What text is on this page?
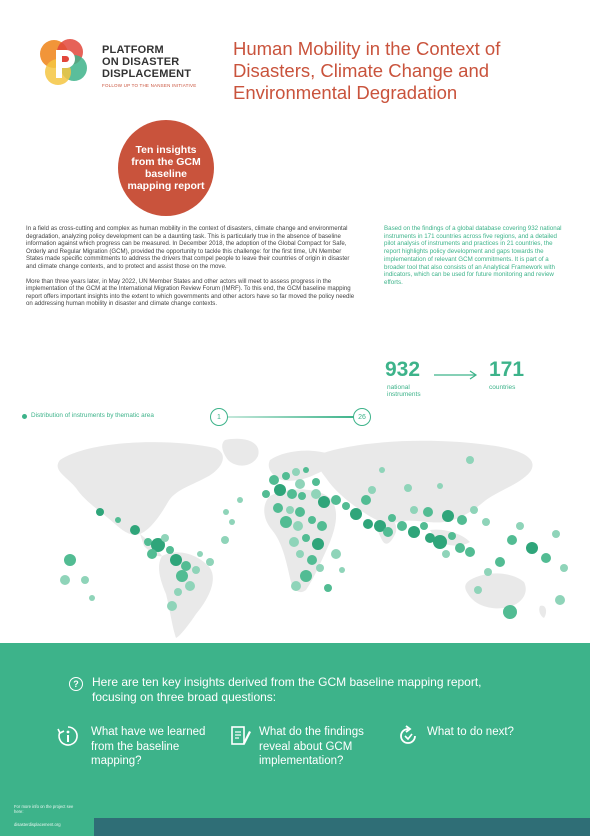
PLATFORM
ON DISASTER
DISPLACEMENT
FOLLOW UP TO THE NANSEN INITIATIVE
Human Mobility in the Context of Disasters, Climate Change and Environmental Degradation
Ten insights from the GCM baseline mapping report

In a field as cross-cutting and complex as human mobility in the context of disasters, climate change and environmental degradation, analyzing policy development can be a daunting task. This is particularly true in the absence of baseline information against which progress can be measured. In December 2018, the adoption of the Global Compact for Safe, Orderly and Regular Migration (GCM), provided the opportunity to tackle this challenge: for the first time, UN Member States made specific commitments to address the drivers that compel people to leave their countries of origin in disaster and climate change contexts, and to protect and assist those on the move.

More than three years later, in May 2022, UN Member States and other actors will meet to assess progress in the implementation of the GCM at the International Migration Review Forum (IMRF). To this end, the GCM baseline mapping report offers important insights into the extent to which governments and other actors have so far moved the policy needle on addressing human mobility in disaster and climate change contexts.

Based on the findings of a global database covering 932 national instruments in 171 countries across five regions, and a detailed pilot analysis of instruments and practices in 21 countries, the report highlights policy development and gaps towards the implementation of relevant GCM commitments. It is part of a broader tool that also consists of an Analytical Framework with indicators, which can be used for future monitoring and review efforts.
932
national
instruments
171
countries
Distribution of instruments by thematic area	1	26
?	Here are ten key insights derived from the GCM baseline mapping report, focusing on three broad questions:
What have we learned from the baseline mapping?
What do the findings reveal about GCM implementation?
What to do next?
For more info on the project see here:
disasterdisplacement.org
